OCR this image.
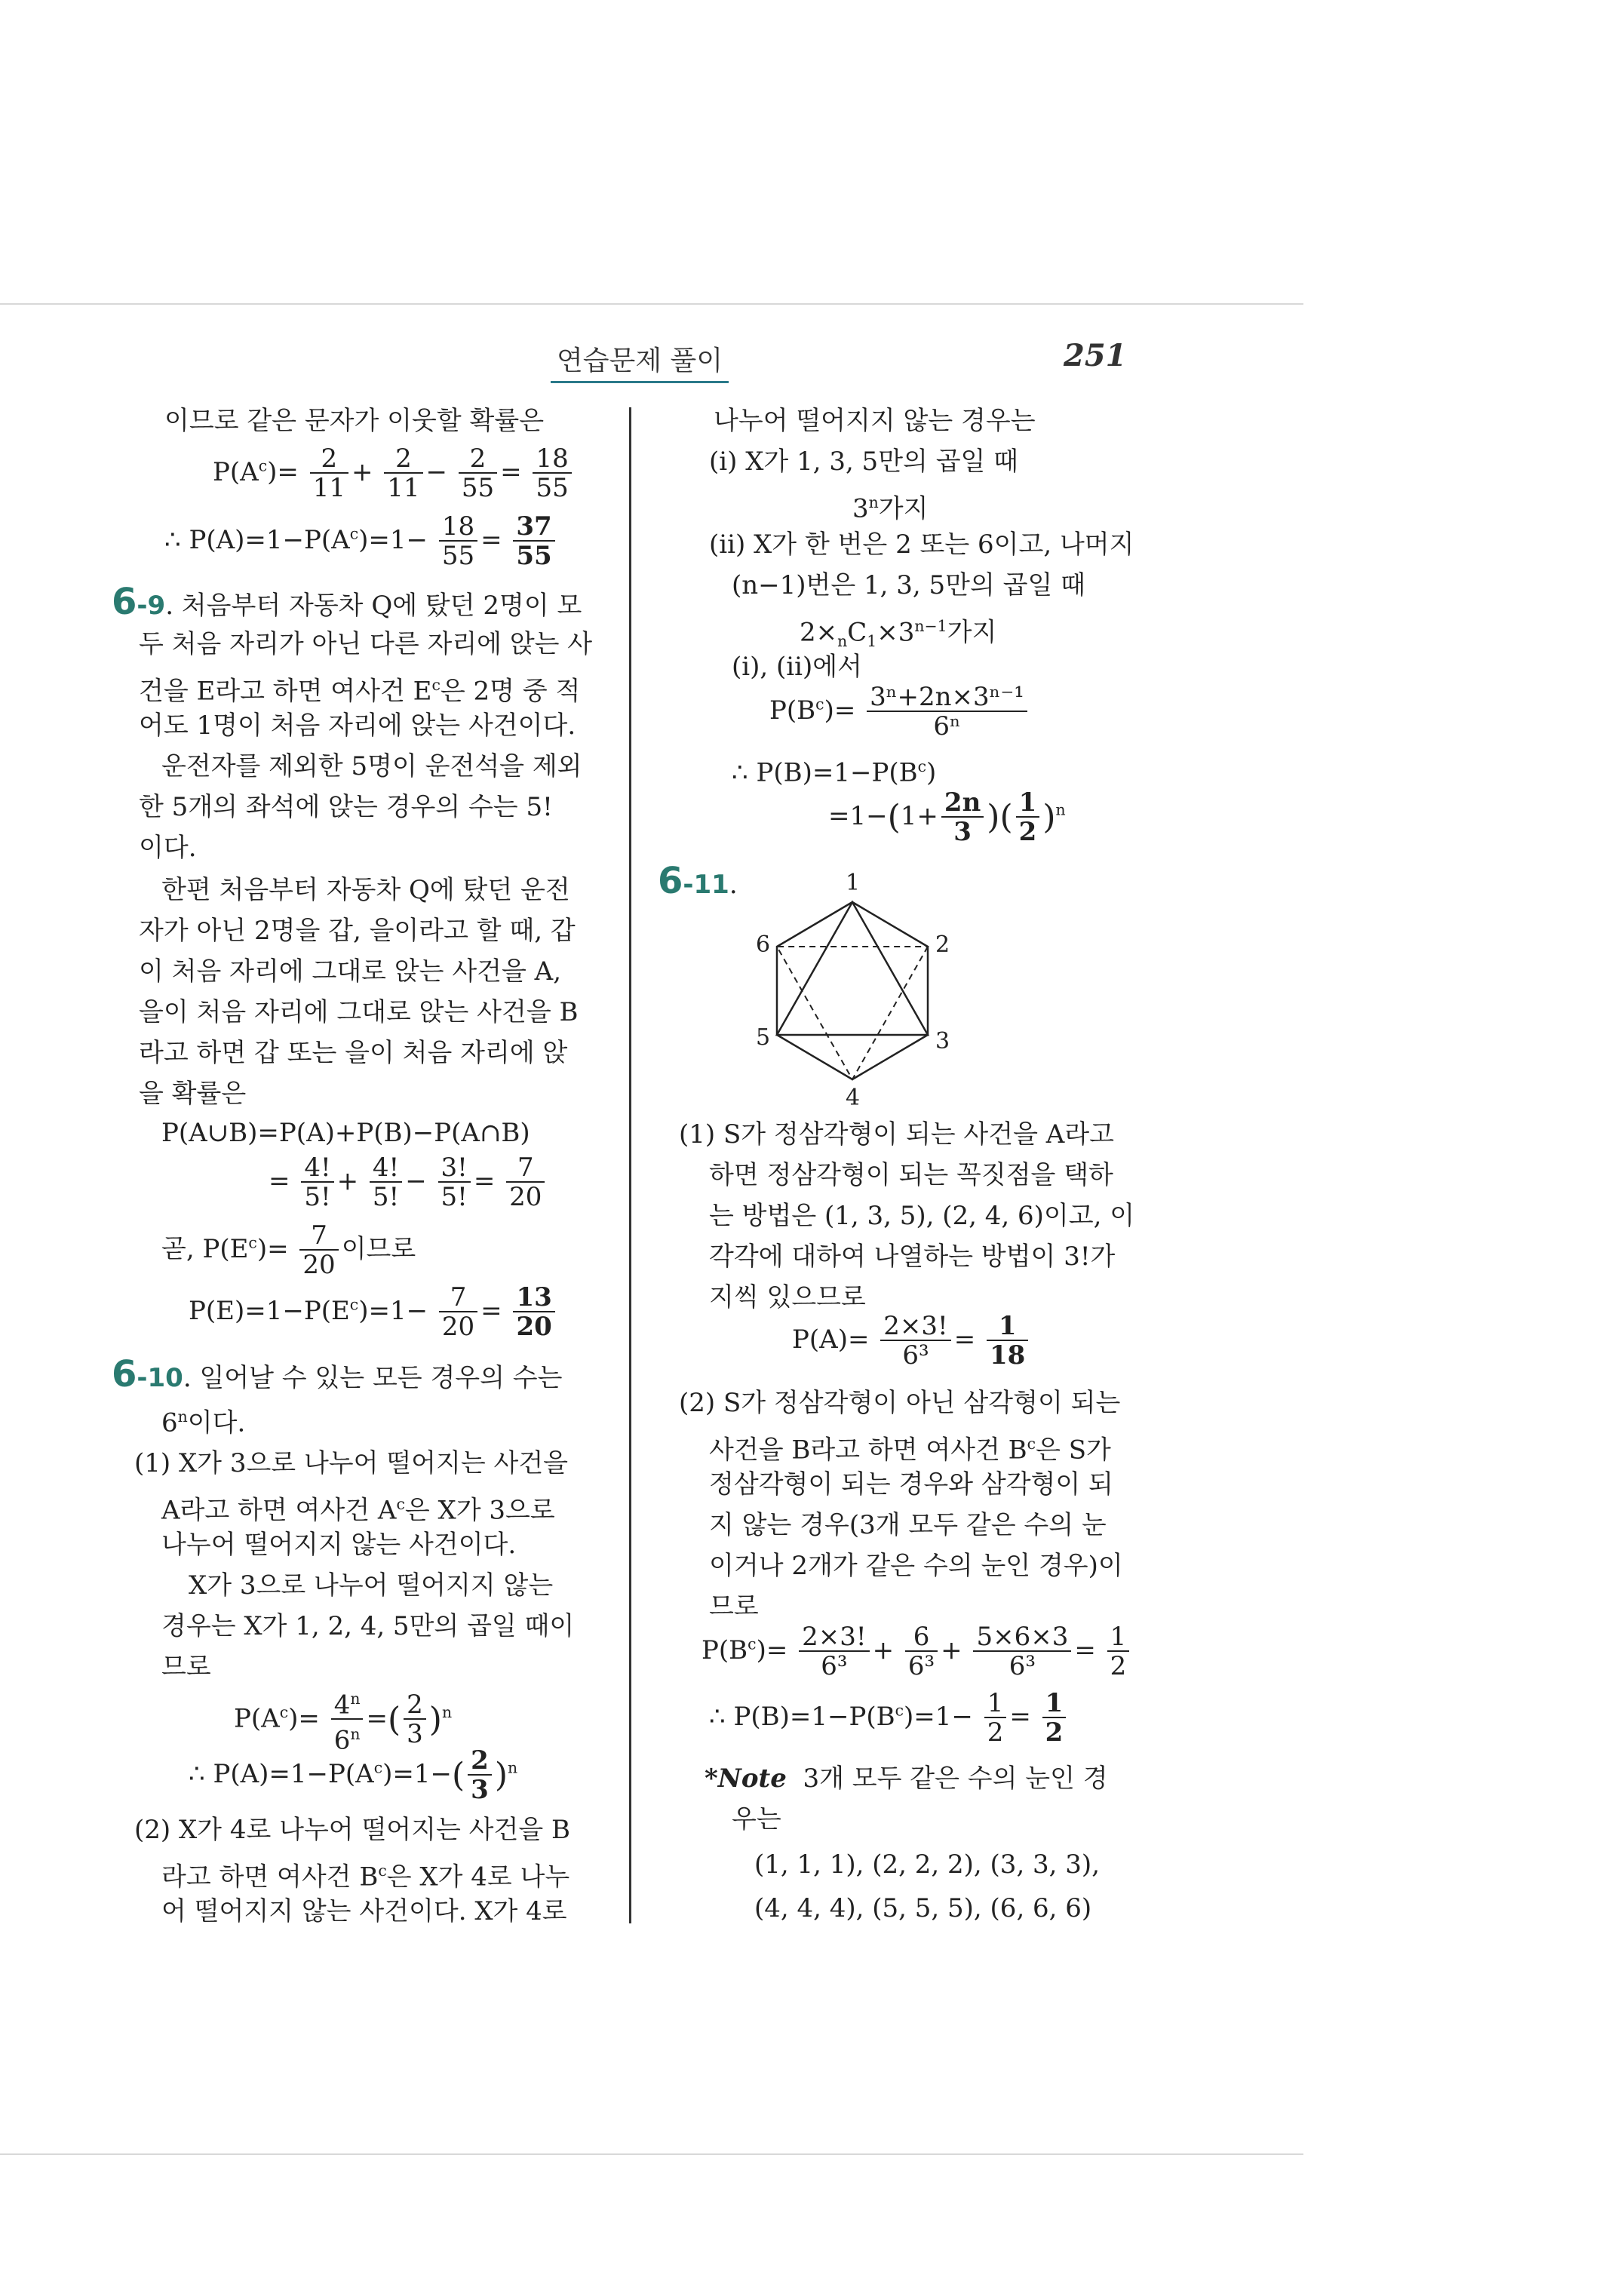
연습문제 풀이	251
이므로 같은 문자가 이웃할 확률은
$P(A^c)= \frac{2}{11} + \frac{2}{11} - \frac{2}{55} = \frac{18}{55}$
∴ $P(A)=1-P(A^c)=1- \frac{18}{55} = \frac{37}{55}$
6-9. 처음부터 자동차 Q에 탔던 2명이 모
두 처음 자리가 아닌 다른 자리에 앉는 사
건을 E라고 하면 여사건 $E^c$은 2명 중 적
어도 1명이 처음 자리에 앉는 사건이다.
운전자를 제외한 5명이 운전석을 제외
한 5개의 좌석에 앉는 경우의 수는 5!
이다.
한편 처음부터 자동차 Q에 탔던 운전
자가 아닌 2명을 갑, 을이라고 할 때, 갑
이 처음 자리에 그대로 앉는 사건을 A,
을이 처음 자리에 그대로 앉는 사건을 B
라고 하면 갑 또는 을이 처음 자리에 앉
을 확률은
P(A∪B)=P(A)+P(B)−P(A∩B)
= $\frac{4!}{5!} + \frac{4!}{5!} - \frac{3!}{5!} = \frac{7}{20}$
곧, $P(E^c)= \frac{7}{20}$ 이므로
$P(E)=1-P(E^c)=1- \frac{7}{20} = \frac{13}{20}$
6-10. 일어날 수 있는 모든 경우의 수는
6$^n$이다.
(1) X가 3으로 나누어 떨어지는 사건을
A라고 하면 여사건 $A^c$은 X가 3으로
나누어 떨어지지 않는 사건이다.
X가 3으로 나누어 떨어지지 않는
경우는 X가 1, 2, 4, 5만의 곱일 때이
므로
$P(A^c)= \frac{4^n}{6^n}$ =( $\frac{2}{3} )^n$
∴ $P(A)=1-P(A^c)=1-( \frac{2}{3} )^n$
(2) X가 4로 나누어 떨어지는 사건을 B
라고 하면 여사건 $B^c$은 X가 4로 나누
어 떨어지지 않는 사건이다. X가 4로
나누어 떨어지지 않는 경우는
(ⅰ) X가 1, 3, 5만의 곱일 때
3$^n$가지
(ⅱ) X가 한 번은 2 또는 6이고, 나머지
(n−1)번은 1, 3, 5만의 곱일 때
$2\times_nC_1\times 3^{n-1}$가지
(ⅰ), (ⅱ)에서
$P(B^c)= \frac{\text{3ⁿ+2n×3ⁿ⁻¹}}{\text{6ⁿ}}$
∴ $P(B)=1-P(B^c)$
$=1-(1+ \frac{2n}{3}$ )( $\frac{1}{2} )^n$
6-11.	1
2
3
4
5
6
(1) S가 정삼각형이 되는 사건을 A라고
하면 정삼각형이 되는 꼭짓점을 택하
는 방법은 (1, 3, 5), (2, 4, 6)이고, 이
각각에 대하여 나열하는 방법이 3!가
지씩 있으므로
$P(A)= \frac{2\times 3!}{\text{6³}} = \frac{1}{18}$
(2) S가 정삼각형이 아닌 삼각형이 되는
사건을 B라고 하면 여사건 $B^c$은 S가
정삼각형이 되는 경우와 삼각형이 되
지 않는 경우(3개 모두 같은 수의 눈
이거나 2개가 같은 수의 눈인 경우)이
므로
$P(B^c)= \frac{2\times 3!}{\text{6³}} + \frac{6}{\text{6³}} + \frac{5\times 6\times 3}{\text{6³}} = \frac{1}{2}$
∴ $P(B)=1-P(B^c)=1- \frac{1}{2} = \frac{1}{2}$
*Note 3개 모두 같은 수의 눈인 경
우는
(1, 1, 1), (2, 2, 2), (3, 3, 3),
(4, 4, 4), (5, 5, 5), (6, 6, 6)
